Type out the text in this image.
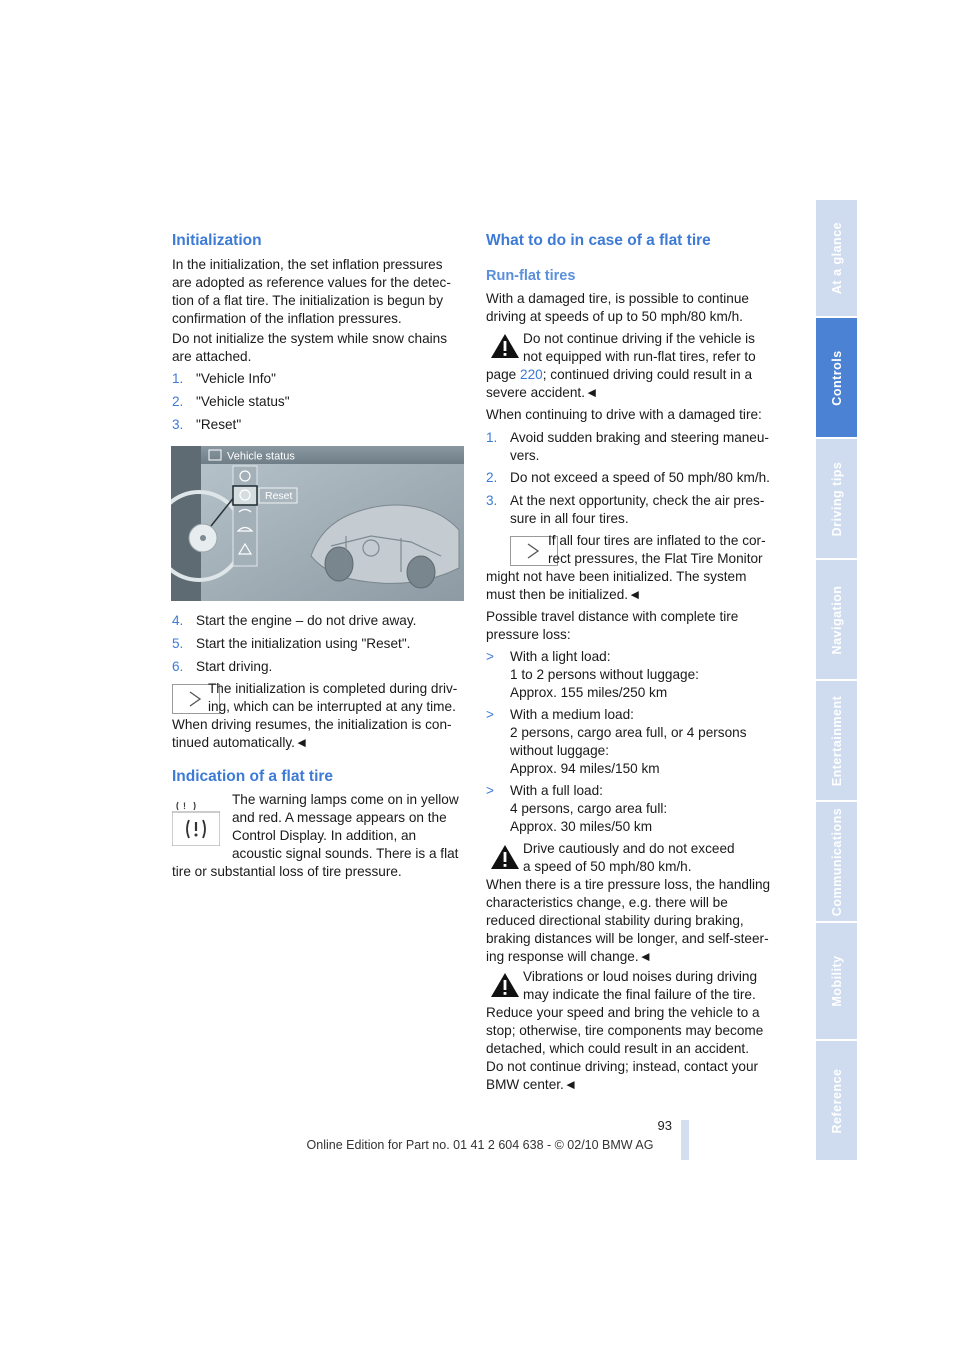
Initialization
In the initialization, the set inflation pressures
are adopted as reference values for the detec-
tion of a flat tire. The initialization is begun by
confirmation of the inflation pressures.
Do not initialize the system while snow chains
are attached.
1. "Vehicle Info"
2. "Vehicle status"
3. "Reset"
Vehicle status
Reset
4. Start the engine – do not drive away.
5. Start the initialization using "Reset".
6. Start driving.
The initialization is completed during driv-
ing, which can be interrupted at any time.
When driving resumes, the initialization is con-
tinued automatically.◄
Indication of a flat tire
!	The warning lamps come on in yellow
and red. A message appears on the
Control Display. In addition, an
acoustic signal sounds. There is a flat
tire or substantial loss of tire pressure.
What to do in case of a flat tire
Run-flat tires
With a damaged tire, is possible to continue
driving at speeds of up to 50 mph/80 km/h.
Do not continue driving if the vehicle is
not equipped with run-flat tires, refer to
page 220; continued driving could result in a
severe accident.◄
When continuing to drive with a damaged tire:
1. Avoid sudden braking and steering maneu-
vers.
2. Do not exceed a speed of 50 mph/80 km/h.
3. At the next opportunity, check the air pres-
sure in all four tires.
If all four tires are inflated to the cor-
rect pressures, the Flat Tire Monitor
might not have been initialized. The system
must then be initialized.◄
Possible travel distance with complete tire
pressure loss:
> With a light load:
1 to 2 persons without luggage:
Approx. 155 miles/250 km
> With a medium load:
2 persons, cargo area full, or 4 persons
without luggage:
Approx. 94 miles/150 km
> With a full load:
4 persons, cargo area full:
Approx. 30 miles/50 km
Drive cautiously and do not exceed
a speed of 50 mph/80 km/h.
When there is a tire pressure loss, the handling
characteristics change, e.g. there will be
reduced directional stability during braking,
braking distances will be longer, and self-steer-
ing response will change.◄
Vibrations or loud noises during driving
may indicate the final failure of the tire.
Reduce your speed and bring the vehicle to a
stop; otherwise, tire components may become
detached, which could result in an accident.
Do not continue driving; instead, contact your
BMW center.◄
At a glance
Controls
Driving tips
Navigation
Entertainment
Communications
Mobility
Reference
93
Online Edition for Part no. 01 41 2 604 638 - © 02/10 BMW AG
